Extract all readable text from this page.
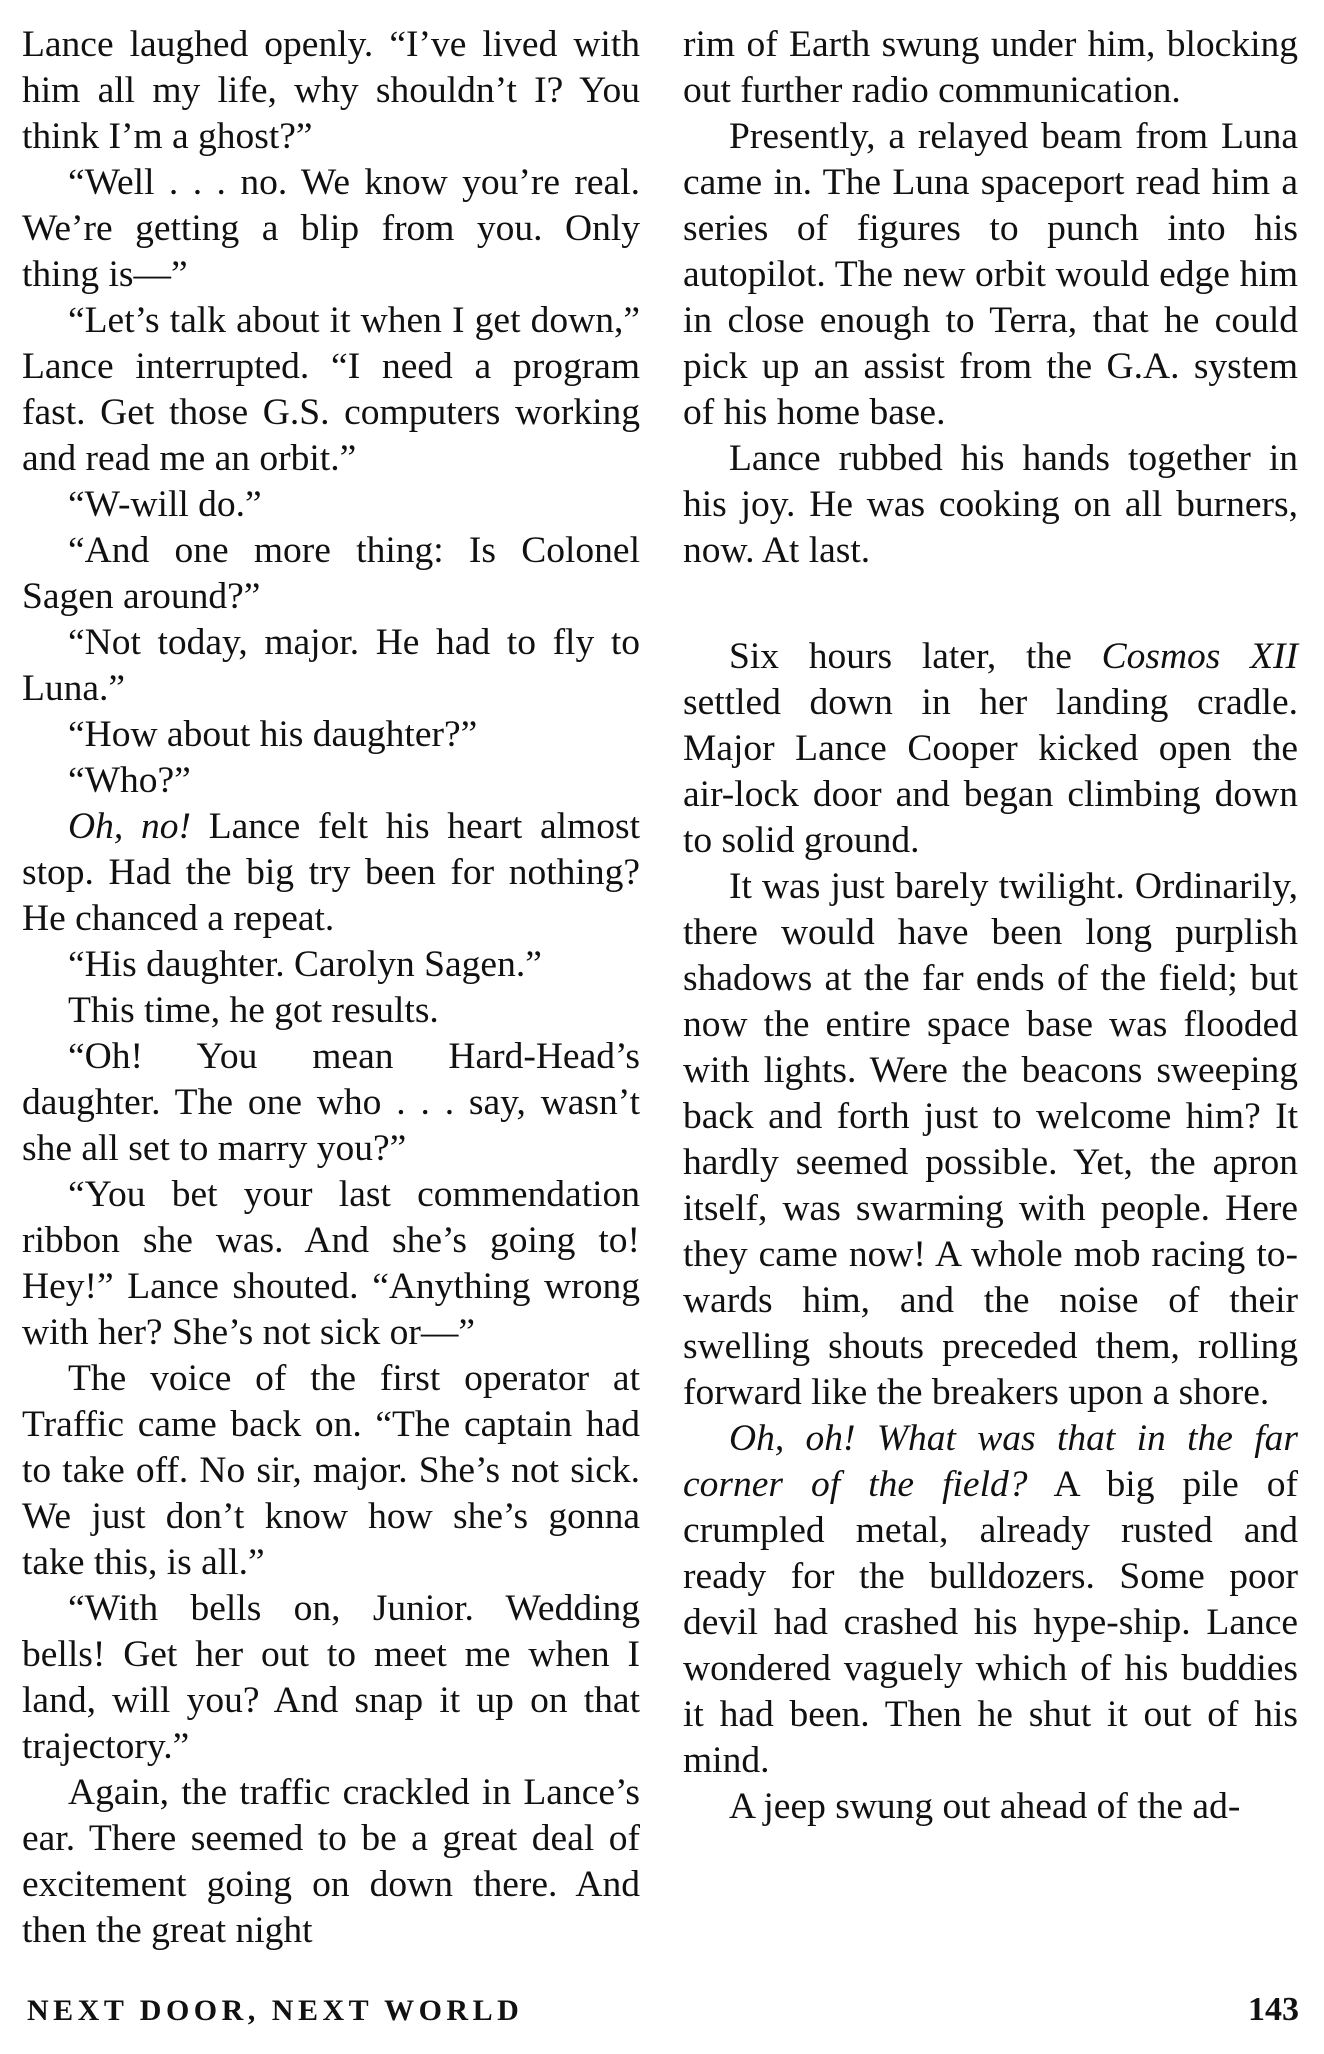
Lance laughed openly. “I’ve lived with him all my life, why shouldn’t I? You think I’m a ghost?”

“Well . . . no. We know you’re real. We’re getting a blip from you. Only thing is—”

“Let’s talk about it when I get down,” Lance interrupted. “I need a program fast. Get those G.S. computers working and read me an orbit.”

“W-will do.”

“And one more thing: Is Colonel Sagen around?”

“Not today, major. He had to fly to Luna.”

“How about his daughter?”

“Who?”

Oh, no! Lance felt his heart almost stop. Had the big try been for nothing? He chanced a repeat.

“His daughter. Carolyn Sagen.”

This time, he got results.

“Oh! You mean Hard-Head’s daughter. The one who . . . say, wasn’t she all set to marry you?”

“You bet your last commendation ribbon she was. And she’s going to! Hey!” Lance shouted. “Anything wrong with her? She’s not sick or—”

The voice of the first operator at Traffic came back on. “The captain had to take off. No sir, major. She’s not sick. We just don’t know how she’s gonna take this, is all.”

“With bells on, Junior. Wedding bells! Get her out to meet me when I land, will you? And snap it up on that trajectory.”

Again, the traffic crackled in Lance’s ear. There seemed to be a great deal of excitement going on down there. And then the great night

rim of Earth swung under him, blocking out further radio communication.

Presently, a relayed beam from Luna came in. The Luna spaceport read him a series of figures to punch into his autopilot. The new orbit would edge him in close enough to Terra, that he could pick up an assist from the G.A. system of his home base.

Lance rubbed his hands together in his joy. He was cooking on all burners, now. At last.

Six hours later, the Cosmos XII settled down in her landing cradle. Major Lance Cooper kicked open the air-lock door and began climbing down to solid ground.

It was just barely twilight. Ordinarily, there would have been long purplish shadows at the far ends of the field; but now the entire space base was flooded with lights. Were the beacons sweeping back and forth just to welcome him? It hardly seemed possible. Yet, the apron itself, was swarming with people. Here they came now! A whole mob racing towards him, and the noise of their swelling shouts preceded them, rolling forward like the breakers upon a shore.

Oh, oh! What was that in the far corner of the field? A big pile of crumpled metal, already rusted and ready for the bulldozers. Some poor devil had crashed his hype-ship. Lance wondered vaguely which of his buddies it had been. Then he shut it out of his mind.

A jeep swung out ahead of the ad-

NEXT DOOR, NEXT WORLD	143
